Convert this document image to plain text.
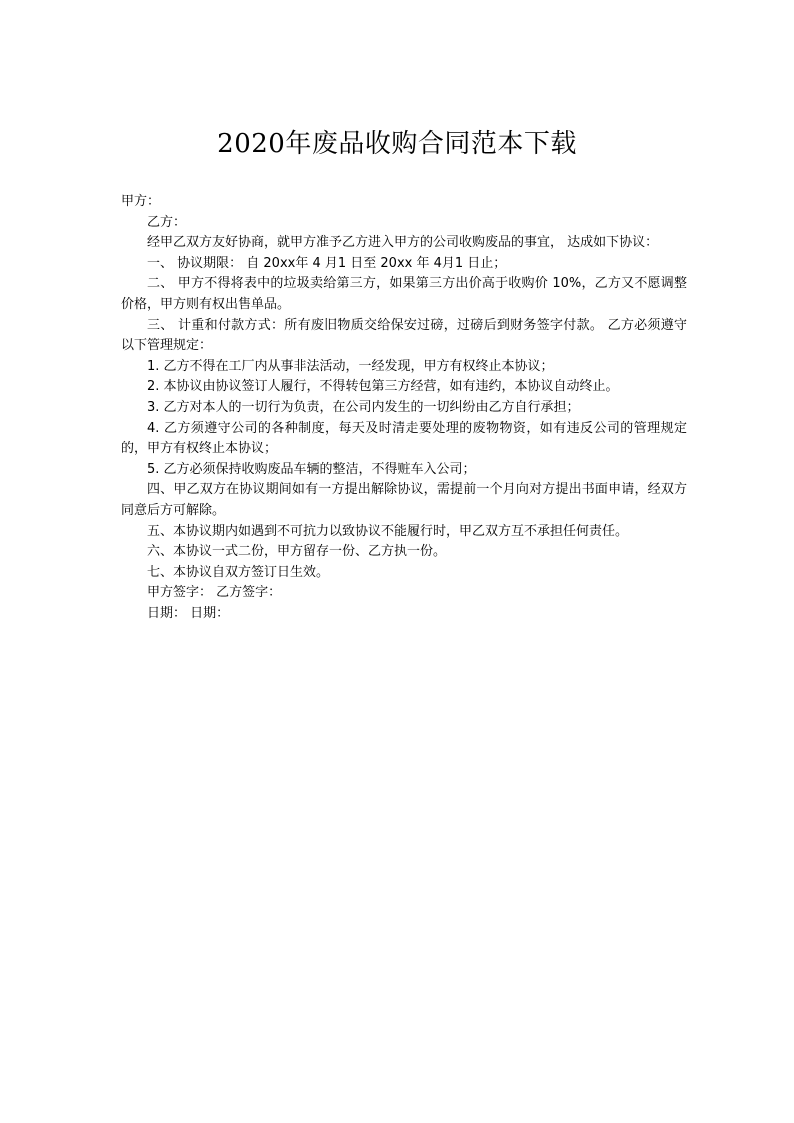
2020年废品收购合同范本下载

甲方：

乙方：

经甲乙双方友好协商，就甲方准予乙方进入甲方的公司收购废品的事宜， 达成如下协议：

一、 协议期限： 自 20xx年 4 月1 日至 20xx 年 4月1 日止；

二、 甲方不得将表中的垃圾卖给第三方，如果第三方出价高于收购价 10%，乙方又不愿调整价格，甲方则有权出售单品。

三、 计重和付款方式：所有废旧物质交给保安过磅，过磅后到财务签字付款。 乙方必须遵守以下管理规定：

1. 乙方不得在工厂内从事非法活动，一经发现，甲方有权终止本协议；

2. 本协议由协议签订人履行，不得转包第三方经营，如有违约，本协议自动终止。

3. 乙方对本人的一切行为负责，在公司内发生的一切纠纷由乙方自行承担；

4. 乙方须遵守公司的各种制度，每天及时清走要处理的废物物资，如有违反公司的管理规定的，甲方有权终止本协议；

5. 乙方必须保持收购废品车辆的整洁，不得赃车入公司；

四、甲乙双方在协议期间如有一方提出解除协议，需提前一个月向对方提出书面申请，经双方同意后方可解除。

五、本协议期内如遇到不可抗力以致协议不能履行时，甲乙双方互不承担任何责任。

六、本协议一式二份，甲方留存一份、乙方执一份。

七、本协议自双方签订日生效。

甲方签字： 乙方签字：

日期： 日期：
